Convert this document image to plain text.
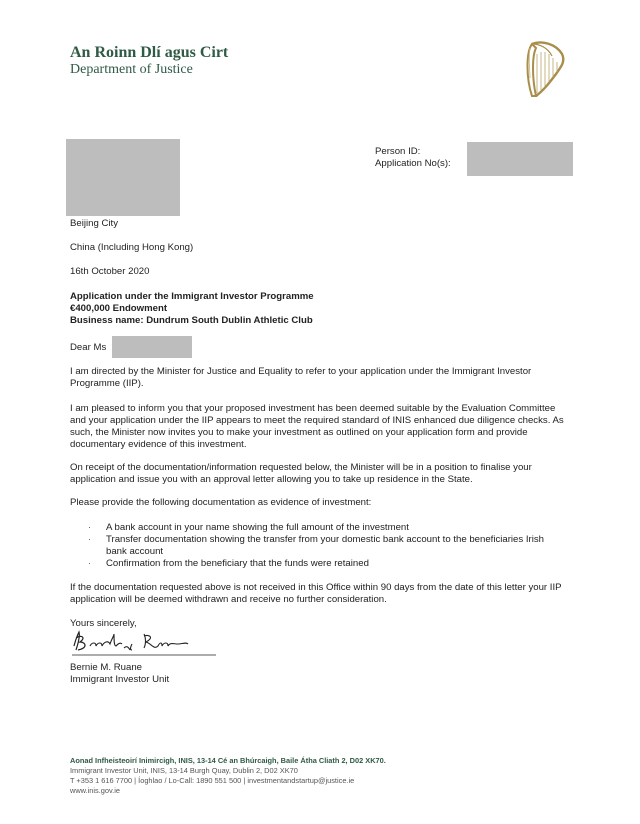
An Roinn Dlí agus Cirt
Department of Justice
Person ID:
Application No(s):
Beijing City
China (Including Hong Kong)
16th October 2020
Application under the Immigrant Investor Programme
€400,000 Endowment
Business name: Dundrum South Dublin Athletic Club
Dear Ms
I am directed by the Minister for Justice and Equality to refer to your application under the Immigrant Investor Programme (IIP).
I am pleased to inform you that your proposed investment has been deemed suitable by the Evaluation Committee and your application under the IIP appears to meet the required standard of INIS enhanced due diligence checks. As such, the Minister now invites you to make your investment as outlined on your application form and provide documentary evidence of this investment.
On receipt of the documentation/information requested below, the Minister will be in a position to finalise your application and issue you with an approval letter allowing you to take up residence in the State.
Please provide the following documentation as evidence of investment:
· A bank account in your name showing the full amount of the investment
· Transfer documentation showing the transfer from your domestic bank account to the beneficiaries Irish bank account
· Confirmation from the beneficiary that the funds were retained
If the documentation requested above is not received in this Office within 90 days from the date of this letter your IIP application will be deemed withdrawn and receive no further consideration.
Yours sincerely,
Bernie M. Ruane
Immigrant Investor Unit
Aonad Infheisteoirí Inimircigh, INIS, 13-14 Cé an Bhúrcaigh, Baile Átha Cliath 2, D02 XK70.
Immigrant Investor Unit, INIS, 13-14 Burgh Quay, Dublin 2, D02 XK70
T +353 1 616 7700 | Íoghlao / Lo-Call: 1890 551 500 | investmentandstartup@justice.ie
www.inis.gov.ie
